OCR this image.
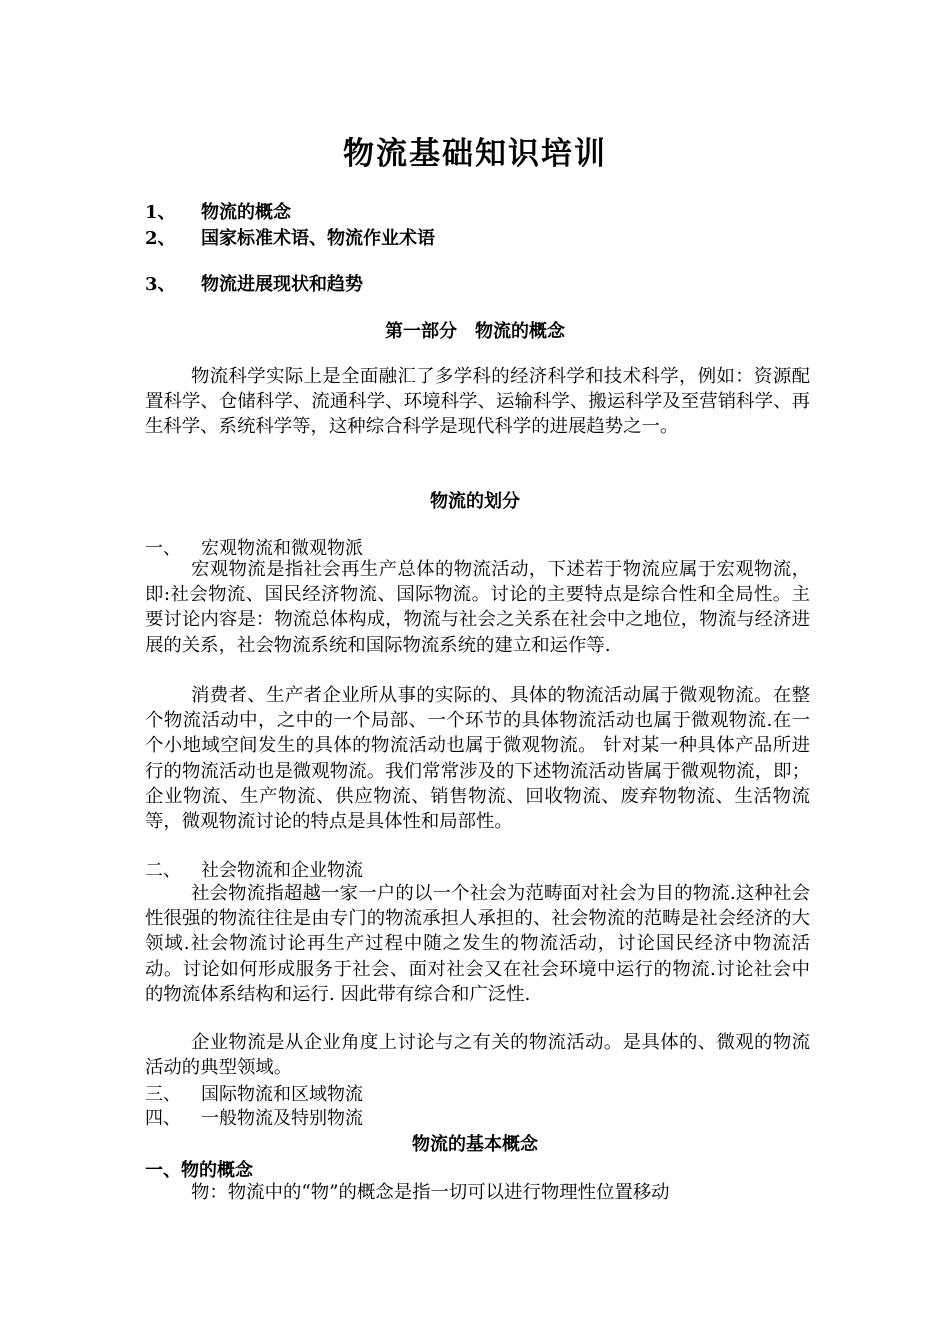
物流基础知识培训
1、 物流的概念
2、 国家标准术语、物流作业术语
3、 物流进展现状和趋势
第一部分　物流的概念

物流科学实际上是全面融汇了多学科的经济科学和技术科学，例如：资源配置科学、仓储科学、流通科学、环境科学、运输科学、搬运科学及至营销科学、再生科学、系统科学等，这种综合科学是现代科学的进展趋势之一。

物流的划分
一、 宏观物流和微观物派

宏观物流是指社会再生产总体的物流活动，下述若于物流应属于宏观物流，即:社会物流、国民经济物流、国际物流。讨论的主要特点是综合性和全局性。主要讨论内容是：物流总体构成，物流与社会之关系在社会中之地位，物流与经济进展的关系，社会物流系统和国际物流系统的建立和运作等.

消费者、生产者企业所从事的实际的、具体的物流活动属于微观物流。在整个物流活动中，之中的一个局部、一个环节的具体物流活动也属于微观物流.在一个小地域空间发生的具体的物流活动也属于微观物流。 针对某一种具体产品所进行的物流活动也是微观物流。我们常常涉及的下述物流活动皆属于微观物流，即；企业物流、生产物流、供应物流、销售物流、回收物流、废弃物物流、生活物流等，微观物流讨论的特点是具体性和局部性。

二、 社会物流和企业物流

社会物流指超越一家一户的以一个社会为范畴面对社会为目的物流.这种社会性很强的物流往往是由专门的物流承担人承担的、社会物流的范畴是社会经济的大领域.社会物流讨论再生产过程中随之发生的物流活动，讨论国民经济中物流活动。讨论如何形成服务于社会、面对社会又在社会环境中运行的物流.讨论社会中的物流体系结构和运行. 因此带有综合和广泛性.

企业物流是从企业角度上讨论与之有关的物流活动。是具体的、微观的物流活动的典型领域。

三、 国际物流和区域物流
四、 一般物流及特别物流
物流的基本概念
一、物的概念

物：物流中的“物”的概念是指一切可以进行物理性位置移动
